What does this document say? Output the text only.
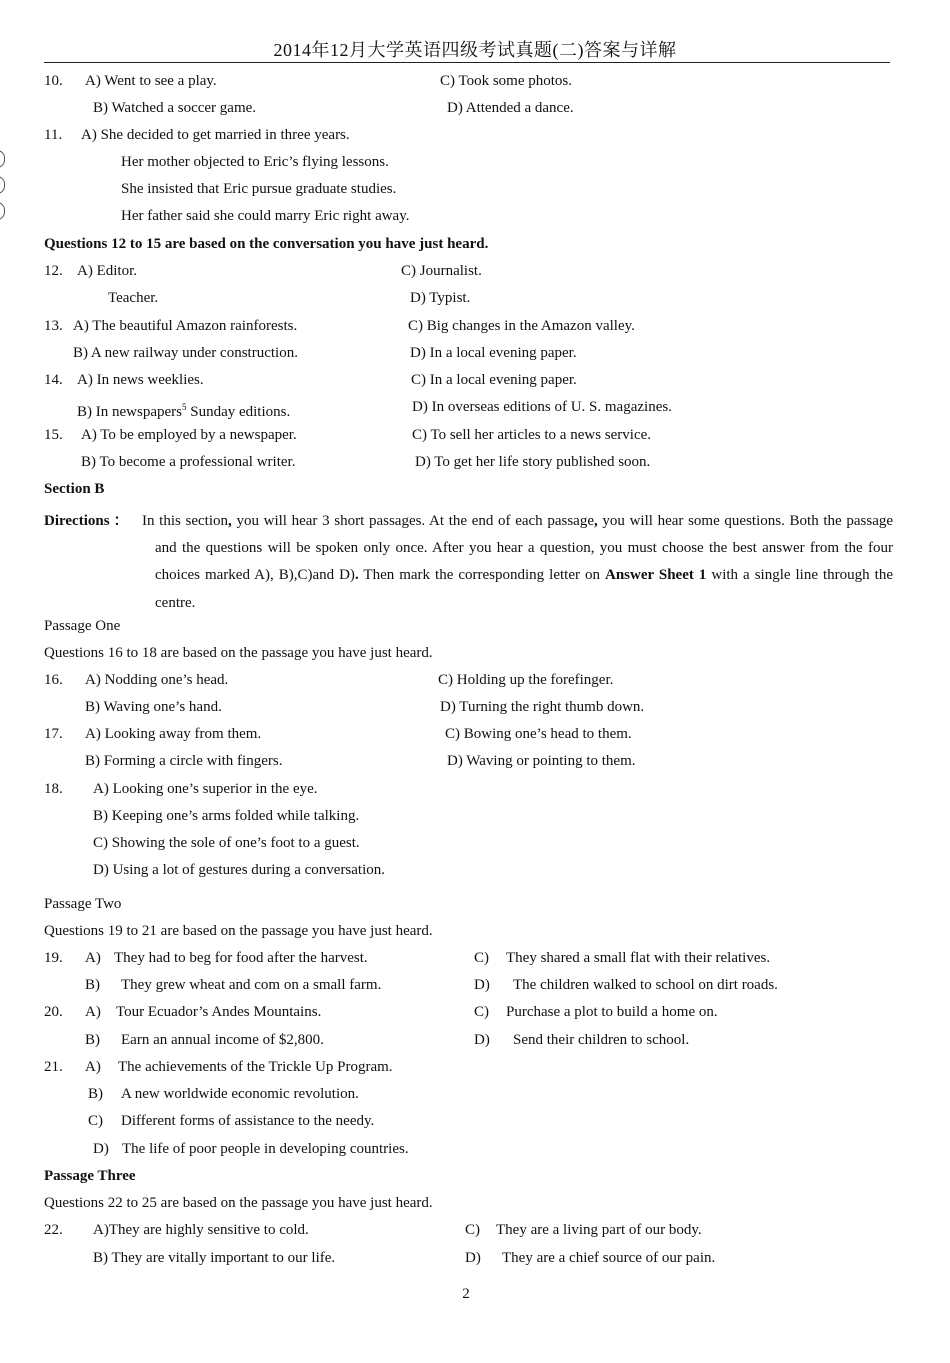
2014年12月大学英语四级考试真题(二)答案与详解
10. A) Went to see a play.	C) Took some photos.
B) Watched a soccer game.	D) Attended a dance.
11. A) She decided to get married in three years.
Her mother objected to Eric’s flying lessons.
She insisted that Eric pursue graduate studies.
Her father said she could marry Eric right away.
Questions 12 to 15 are based on the conversation you have just heard.
12. A) Editor.	C) Journalist.
Teacher.	D) Typist.
13. A) The beautiful Amazon rainforests.	C) Big changes in the Amazon valley.
B) A new railway under construction.	D) In a local evening paper.
14. A) In news weeklies.	C) In a local evening paper.
B) In newspapers$^5$ Sunday editions.	D) In overseas editions of U. S. magazines.
15. A) To be employed by a newspaper.	C) To sell her articles to a news service.
B) To become a professional writer.	D) To get her life story published soon.
Section B
Directions ： In this section, you will hear 3 short passages. At the end of each passage, you will hear some questions. Both the passage and the questions will be spoken only once. After you hear a question, you must choose the best answer from the four choices marked A), B),C)and D). Then mark the corresponding letter on Answer Sheet 1 with a single line through the centre.
Passage One
Questions 16 to 18 are based on the passage you have just heard.
16. A) Nodding one’s head.	C) Holding up the forefinger.
B) Waving one’s hand.	D) Turning the right thumb down.
17. A) Looking away from them.	C) Bowing one’s head to them.
B) Forming a circle with fingers.	D) Waving or pointing to them.
18. A) Looking one’s superior in the eye.
B) Keeping one’s arms folded while talking.
C) Showing the sole of one’s foot to a guest.
D) Using a lot of gestures during a conversation.
Passage Two
Questions 19 to 21 are based on the passage you have just heard.
19. A) They had to beg for food after the harvest.	C) They shared a small flat with their relatives.
B) They grew wheat and com on a small farm.	D) The children walked to school on dirt roads.
20. A) Tour Ecuador’s Andes Mountains.	C) Purchase a plot to build a home on.
B) Earn an annual income of $2,800.	D) Send their children to school.
21. A) The achievements of the Trickle Up Program.
B) A new worldwide economic revolution.
C) Different forms of assistance to the needy.
D) The life of poor people in developing countries.
Passage Three
Questions 22 to 25 are based on the passage you have just heard.
22. A)They are highly sensitive to cold.	C) They are a living part of our body.
B) They are vitally important to our life.	D) They are a chief source of our pain.
2
